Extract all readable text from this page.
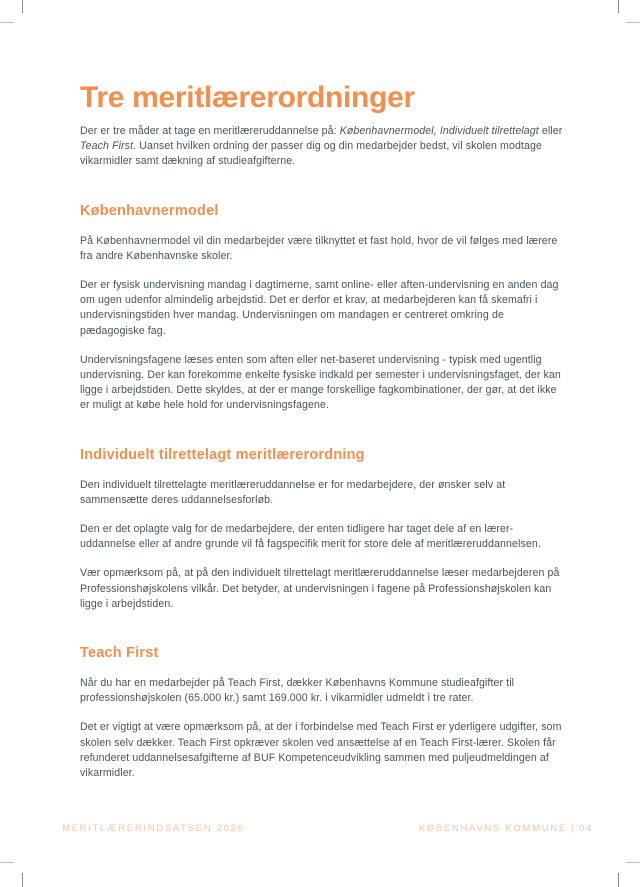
Tre meritlærerordninger

Der er tre måder at tage en meritlæreruddannelse på: Københavnermodel, Individuelt tilrettelagt eller Teach First. Uanset hvilken ordning der passer dig og din medarbejder bedst, vil skolen modtage vikarmidler samt dækning af studieafgifterne.

Københavnermodel

På Københavnermodel vil din medarbejder være tilknyttet et fast hold, hvor de vil følges med lærere fra andre Københavnske skoler.

Der er fysisk undervisning mandag i dagtimerne, samt online- eller aften-undervisning en anden dag om ugen udenfor almindelig arbejdstid. Det er derfor et krav, at medarbejderen kan få skemafri i undervisningstiden hver mandag. Undervisningen om mandagen er centreret omkring de pædagogiske fag.

Undervisningsfagene læses enten som aften eller net-baseret undervisning - typisk med ugentlig undervisning. Der kan forekomme enkelte fysiske indkald per semester i undervisningsfaget, der kan ligge i arbejdstiden. Dette skyldes, at der er mange forskellige fagkombinationer, der gør, at det ikke er muligt at købe hele hold for undervisningsfagene.

Individuelt tilrettelagt meritlærerordning

Den individuelt tilrettelagte meritlæreruddannelse er for medarbejdere, der ønsker selv at sammensætte deres uddannelsesforløb.

Den er det oplagte valg for de medarbejdere, der enten tidligere har taget dele af en lærer-uddannelse eller af andre grunde vil få fagspecifik merit for store dele af meritlæreruddannelsen.

Vær opmærksom på, at på den individuelt tilrettelagt meritlæreruddannelse læser medarbejderen på Professionshøjskolens vilkår. Det betyder, at undervisningen i fagene på Professionshøjskolen kan ligge i arbejdstiden.

Teach First

Når du har en medarbejder på Teach First, dækker Københavns Kommune studieafgifter til professionshøjskolen (65.000 kr.) samt 169.000 kr. i vikarmidler udmeldt i tre rater.

Det er vigtigt at være opmærksom på, at der i forbindelse med Teach First er yderligere udgifter, som skolen selv dækker. Teach First opkræver skolen ved ansættelse af en Teach First-lærer. Skolen får refunderet uddannelsesafgifterne af BUF Kompetenceudvikling sammen med puljeudmeldingen af vikarmidler.

MERITLÆRERINDSATSEN 2026	KØBENHAVNS KOMMUNE | 04
